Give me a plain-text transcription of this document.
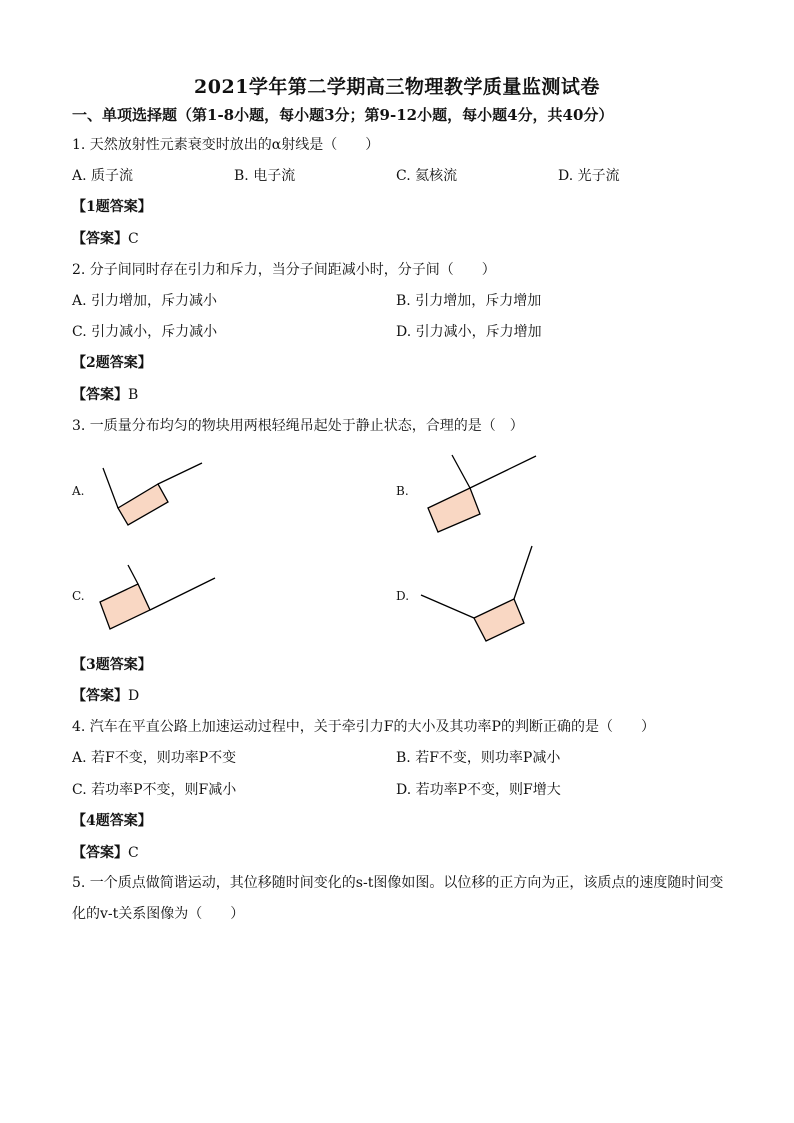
2021学年第二学期高三物理教学质量监测试卷
一、单项选择题（第1-8小题，每小题3分；第9-12小题，每小题4分，共40分）
1. 天然放射性元素衰变时放出的α射线是（　　）
A. 质子流	B. 电子流	C. 氦核流	D. 光子流
【1题答案】
【答案】C
2. 分子间同时存在引力和斥力，当分子间距减小时，分子间（　　）
A. 引力增加，斥力减小	B. 引力增加，斥力增加
C. 引力减小，斥力减小	D. 引力减小，斥力增加
【2题答案】
【答案】B
3. 一质量分布均匀的物块用两根轻绳吊起处于静止状态，合理的是（　）
A.	B.
C.	D.
【3题答案】
【答案】D
4. 汽车在平直公路上加速运动过程中，关于牵引力F的大小及其功率P的判断正确的是（　　）
A. 若F不变，则功率P不变	B. 若F不变，则功率P减小
C. 若功率P不变，则F减小	D. 若功率P不变，则F增大
【4题答案】
【答案】C
5. 一个质点做简谐运动，其位移随时间变化的s-t图像如图。以位移的正方向为正，该质点的速度随时间变
化的v-t关系图像为（　　）
